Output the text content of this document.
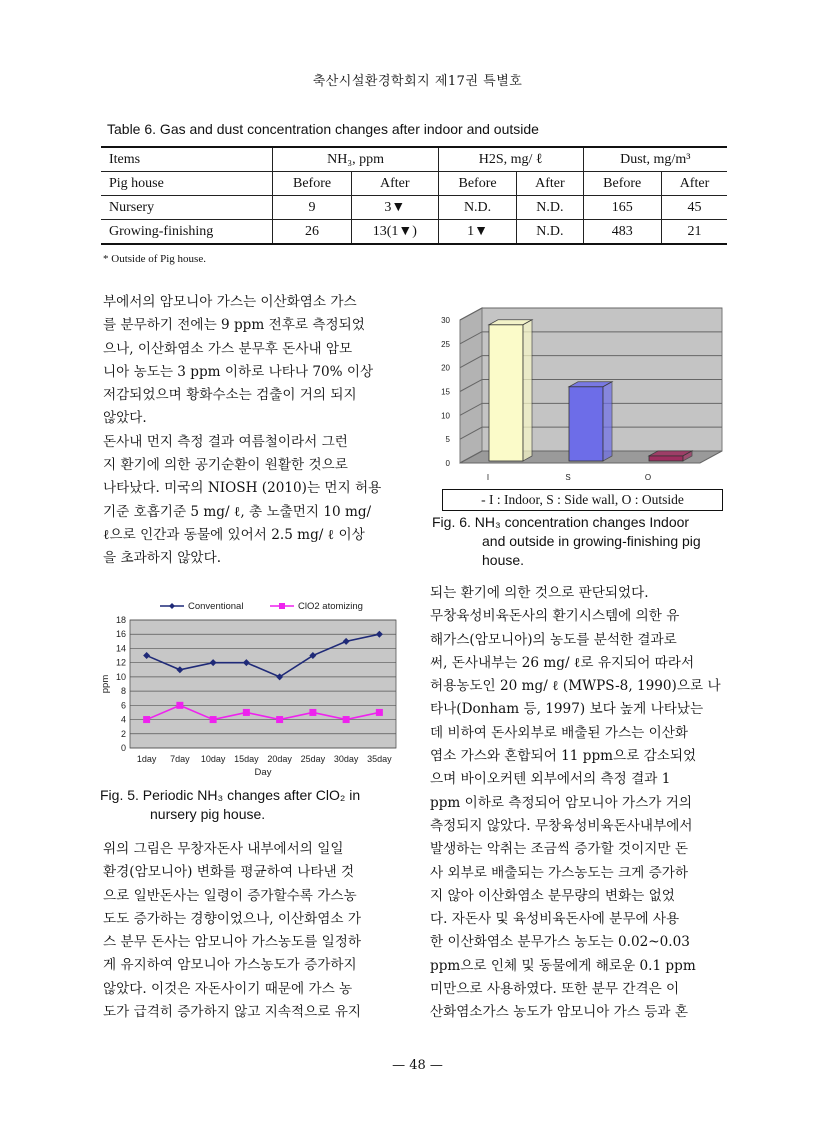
축산시설환경학회지 제17권 특별호
Table 6. Gas and dust concentration changes after indoor and outside
Items	NH₃, ppm		H2S, mg/ ℓ		Dust, mg/m³	
Pig house	Before	After	Before	After	Before	After
Nursery	9	3▼	N.D.	N.D.	165	45
Growing-finishing	26	13(1▼)	1▼	N.D.	483	21
* Outside of Pig house.
부에서의 암모니아 가스는 이산화염소 가스
를 분무하기 전에는 9 ppm 전후로 측정되었
으나, 이산화염소 가스 분무후 돈사내 암모
니아 농도는 3 ppm 이하로 나타나 70% 이상
저감되었으며 황화수소는 검출이 거의 되지
않았다.
돈사내 먼지 측정 결과 여름철이라서 그런
지 환기에 의한 공기순환이 원활한 것으로
나타났다. 미국의 NIOSH (2010)는 먼지 허용
기준 호흡기준 5 mg/ ℓ, 총 노출먼지 10 mg/
ℓ으로 인간과 동물에 있어서 2.5 mg/ ℓ 이상
을 초과하지 않았다.
0
5
10
15
20
25
30
I	S	O
- I : Indoor, S : Side wall, O : Outside
Fig. 6. NH₃ concentration changes Indoor
and outside in growing-finishing pig
house.
0
2
4
6
8
10
12
14
16
18
1day 7day 10day 15day 20day 25day 30day 35day
Day
ppm
Conventional	ClO2 atomizing
Fig. 5. Periodic NH₃ changes after ClO₂ in
nursery pig house.
위의 그림은 무창자돈사 내부에서의 일일
환경(암모니아) 변화를 평균하여 나타낸 것
으로 일반돈사는 일령이 증가할수록 가스농
도도 증가하는 경향이었으나, 이산화염소 가
스 분무 돈사는 암모니아 가스농도를 일정하
게 유지하여 암모니아 가스농도가 증가하지
않았다. 이것은 자돈사이기 때문에 가스 농
도가 급격히 증가하지 않고 지속적으로 유지
되는 환기에 의한 것으로 판단되었다.
무창육성비육돈사의 환기시스템에 의한 유
해가스(암모니아)의 농도를 분석한 결과로
써, 돈사내부는 26 mg/ ℓ로 유지되어 따라서
허용농도인 20 mg/ ℓ (MWPS-8, 1990)으로 나
타나(Donham 등, 1997) 보다 높게 나타났는
데 비하여 돈사외부로 배출된 가스는 이산화
염소 가스와 혼합되어 11 ppm으로 감소되었
으며 바이오커텐 외부에서의 측정 결과 1
ppm 이하로 측정되어 암모니아 가스가 거의
측정되지 않았다. 무창육성비육돈사내부에서
발생하는 악취는 조금씩 증가할 것이지만 돈
사 외부로 배출되는 가스농도는 크게 증가하
지 않아 이산화염소 분무량의 변화는 없었
다. 자돈사 및 육성비육돈사에 분무에 사용
한 이산화염소 분무가스 농도는 0.02~0.03
ppm으로 인체 및 동물에게 해로운 0.1 ppm
미만으로 사용하였다. 또한 분무 간격은 이
산화염소가스 농도가 암모니아 가스 등과 혼
— 48 —
